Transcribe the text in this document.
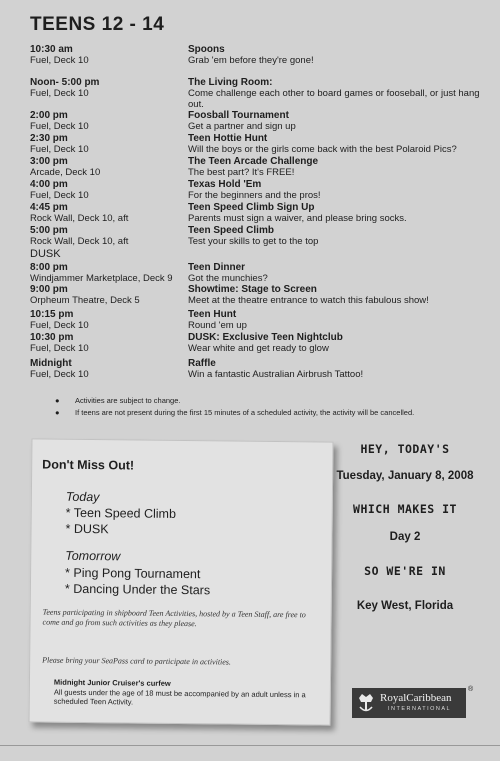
TEENS 12 - 14
10:30 am
Fuel, Deck 10
Spoons
Grab 'em before they're gone!
Noon- 5:00 pm
Fuel, Deck 10
The Living Room:
Come challenge each other to board games or fooseball, or just hang out.
2:00 pm
Fuel, Deck 10
Foosball Tournament
Get a partner and sign up
2:30 pm
Fuel, Deck 10
Teen Hottie Hunt
Will the boys or the girls come back with the best Polaroid Pics?
3:00 pm
Arcade, Deck 10
The Teen Arcade Challenge
The best part? It's FREE!
4:00 pm
Fuel, Deck 10
Texas Hold 'Em
For the beginners and the pros!
4:45 pm
Rock Wall, Deck 10, aft
Teen Speed Climb Sign Up
Parents must sign a waiver, and please bring socks.
5:00 pm
Rock Wall, Deck 10, aft
Teen Speed Climb
Test your skills to get to the top
DUSK
8:00 pm
Windjammer Marketplace, Deck 9
Teen Dinner
Got the munchies?
9:00 pm
Orpheum Theatre, Deck 5
Showtime: Stage to Screen
Meet at the theatre entrance to watch this fabulous show!
10:15 pm
Fuel, Deck 10
Teen Hunt
Round 'em up
10:30 pm
Fuel, Deck 10
DUSK: Exclusive Teen Nightclub
Wear white and get ready to glow
Midnight
Fuel, Deck 10
Raffle
Win a fantastic Australian Airbrush Tattoo!
● Activities are subject to change.
● If teens are not present during the first 15 minutes of a scheduled activity, the activity will be cancelled.
Don't Miss Out!
Today
* Teen Speed Climb
* DUSK
Tomorrow
* Ping Pong Tournament
* Dancing Under the Stars
Teens participating in shipboard Teen Activities, hosted by a Teen Staff, are free to come and go from such activities as they please.
Please bring your SeaPass card to participate in activities.
Midnight Junior Cruiser's curfew
All guests under the age of 18 must be accompanied by an adult unless in a scheduled Teen Activity.
HEY, TODAY'S
Tuesday, January 8, 2008
WHICH MAKES IT
Day 2
SO WE'RE IN
Key West, Florida
RoyalCaribbean
INTERNATIONAL
®
